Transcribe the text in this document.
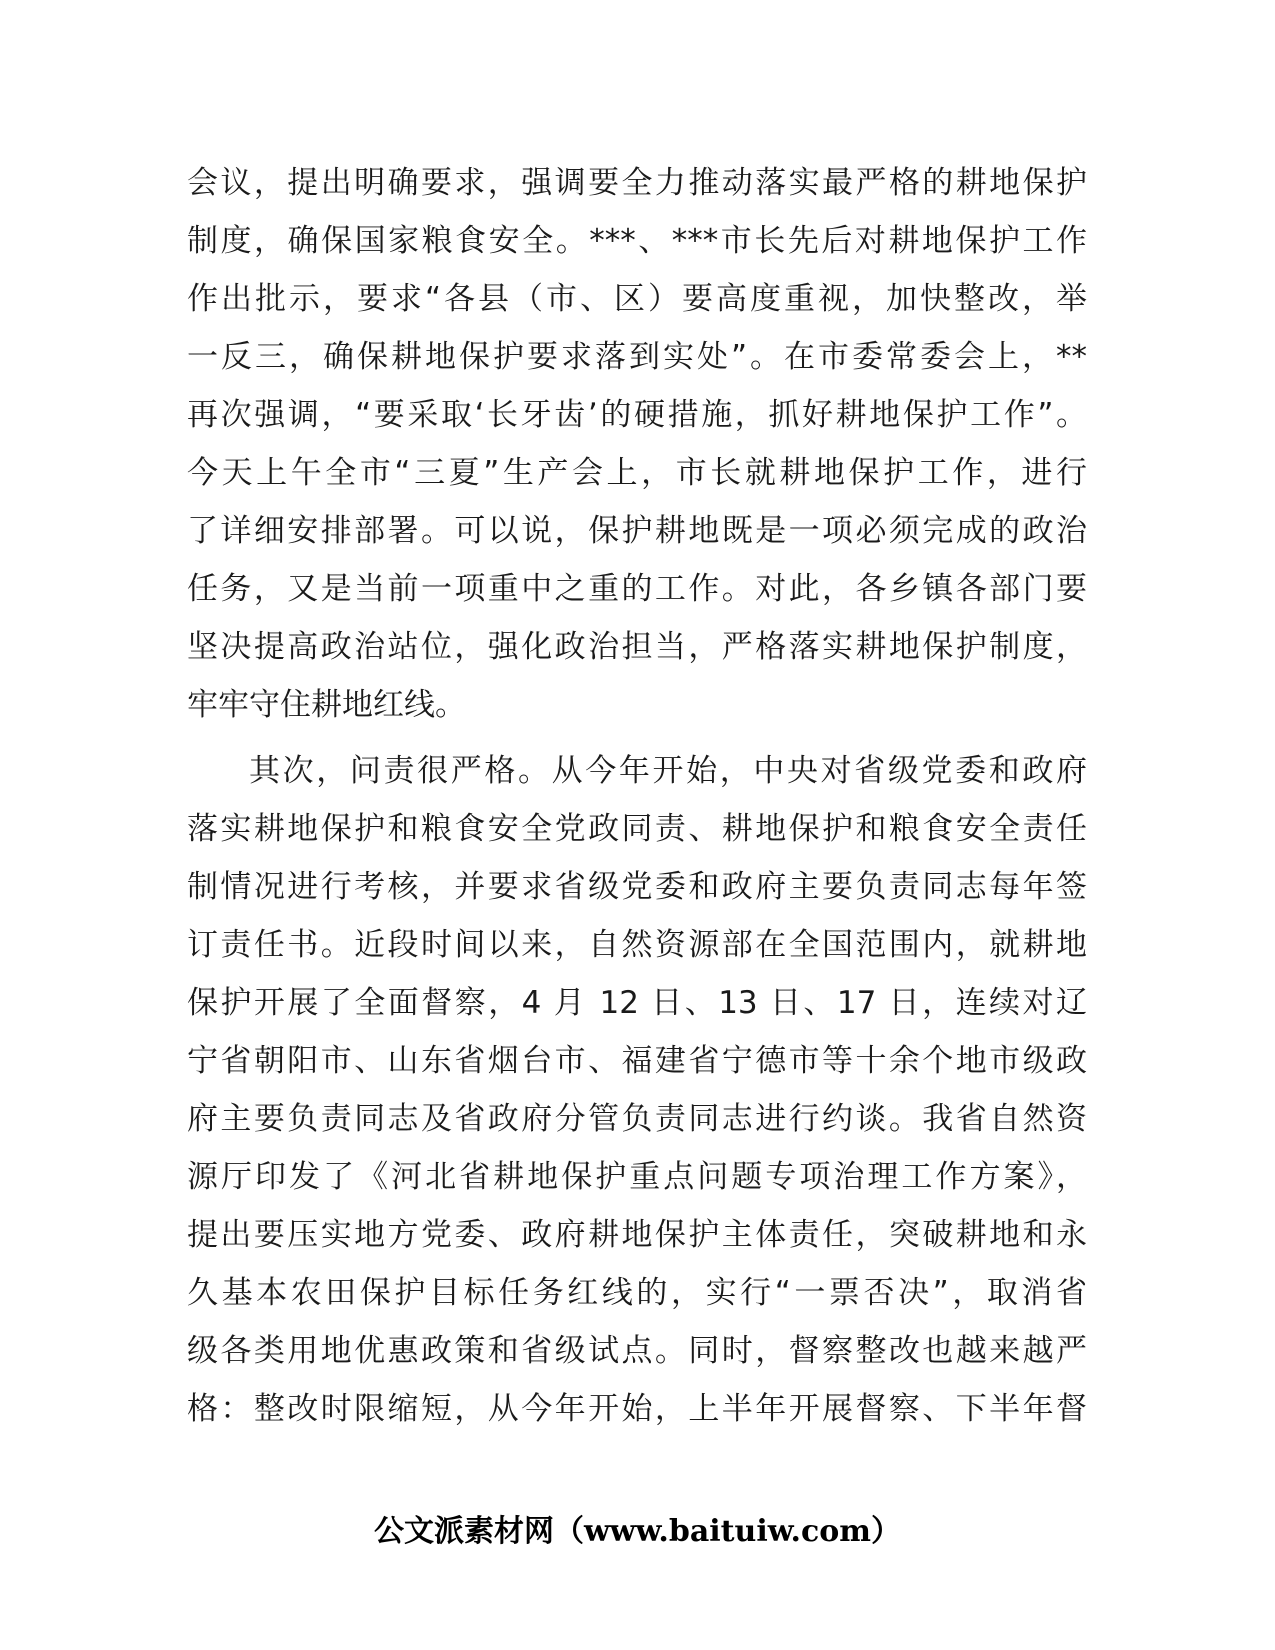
会议，提出明确要求，强调要全力推动落实最严格的耕地保护
制度，确保国家粮食安全。***、***市长先后对耕地保护工作
作出批示，要求“各县（市、区）要高度重视，加快整改，举
一反三，确保耕地保护要求落到实处”。在市委常委会上，**
再次强调，“要采取‘长牙齿’的硬措施，抓好耕地保护工作”。
今天上午全市“三夏”生产会上，市长就耕地保护工作，进行
了详细安排部署。可以说，保护耕地既是一项必须完成的政治
任务，又是当前一项重中之重的工作。对此，各乡镇各部门要
坚决提高政治站位，强化政治担当，严格落实耕地保护制度，
牢牢守住耕地红线。
其次，问责很严格。从今年开始，中央对省级党委和政府
落实耕地保护和粮食安全党政同责、耕地保护和粮食安全责任
制情况进行考核，并要求省级党委和政府主要负责同志每年签
订责任书。近段时间以来，自然资源部在全国范围内，就耕地
保护开展了全面督察，4 月 12 日、13 日、17 日，连续对辽
宁省朝阳市、山东省烟台市、福建省宁德市等十余个地市级政
府主要负责同志及省政府分管负责同志进行约谈。我省自然资
源厅印发了《河北省耕地保护重点问题专项治理工作方案》，
提出要压实地方党委、政府耕地保护主体责任，突破耕地和永
久基本农田保护目标任务红线的，实行“一票否决”，取消省
级各类用地优惠政策和省级试点。同时，督察整改也越来越严
格：整改时限缩短，从今年开始，上半年开展督察、下半年督
公文派素材网（www.baituiw.com）
